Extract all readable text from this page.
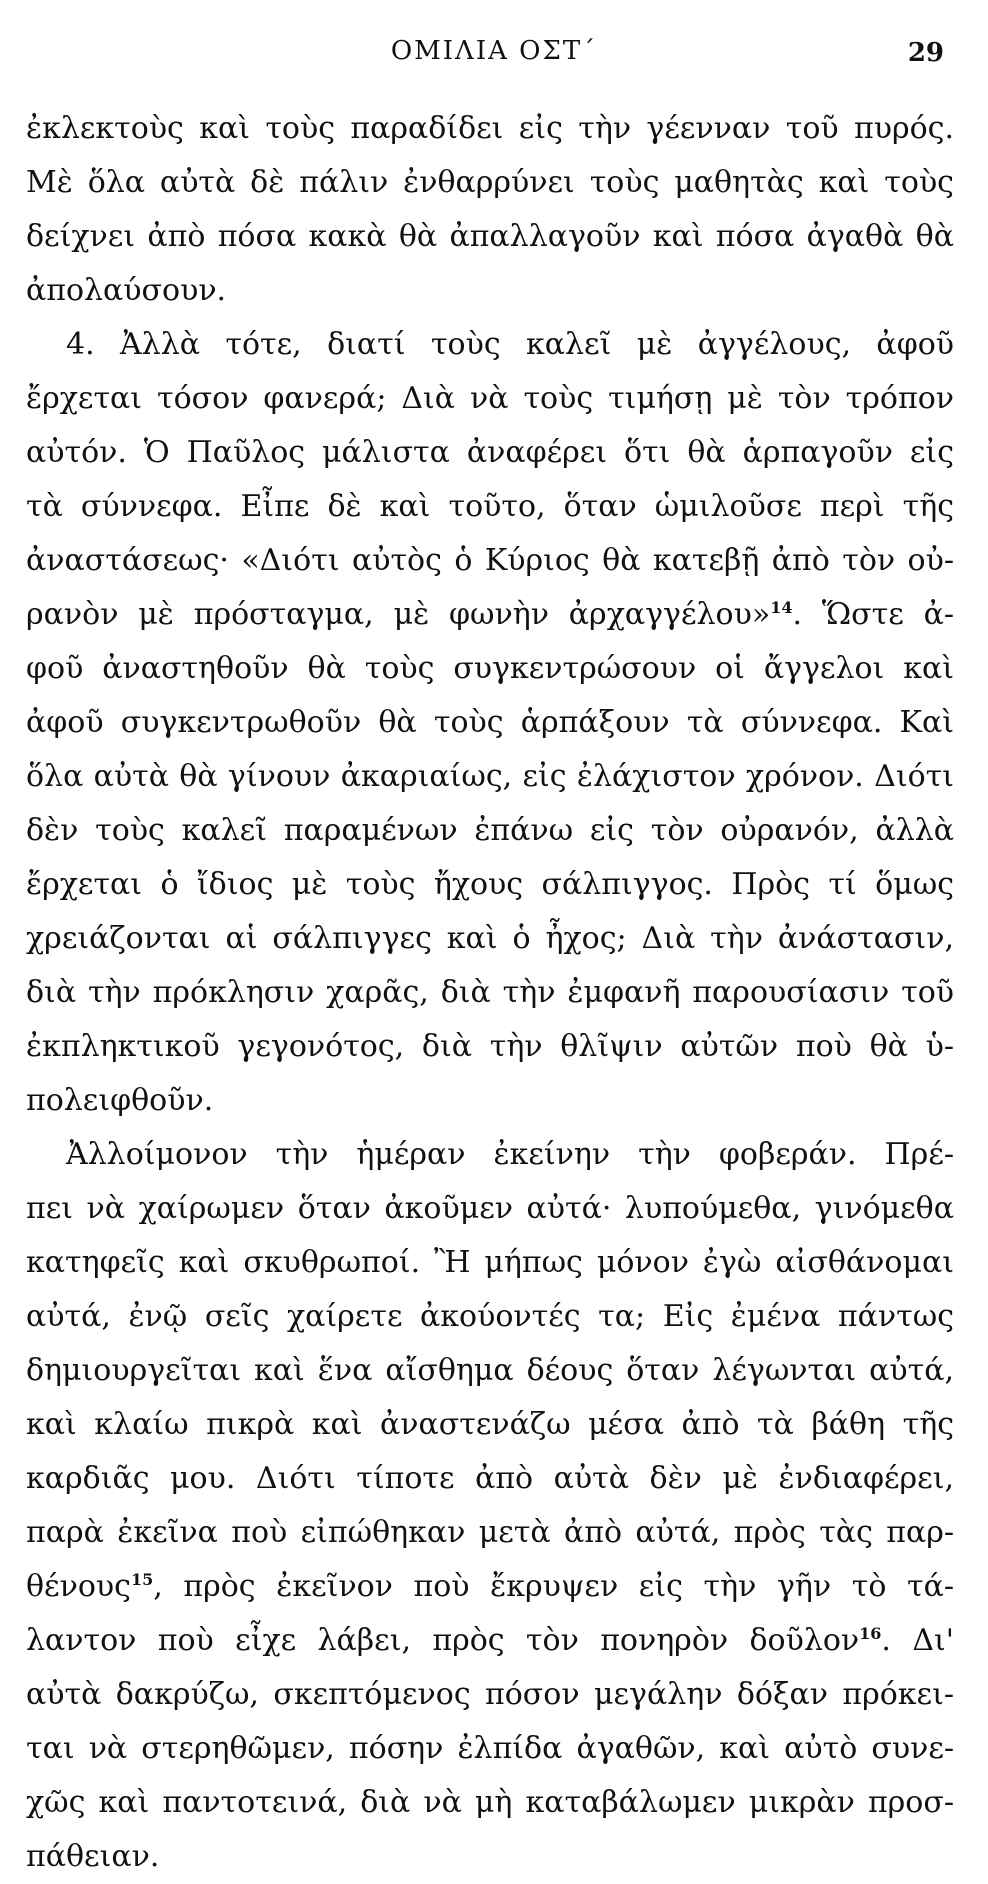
ΟΜΙΛΙΑ ΟΣΤ΄	29
ἐκλεκτοὺς καὶ τοὺς παραδίδει εἰς τὴν γέενναν τοῦ πυρός.
Μὲ ὅλα αὐτὰ δὲ πάλιν ἐνθαρρύνει τοὺς μαθητὰς καὶ τοὺς
δείχνει ἀπὸ πόσα κακὰ θὰ ἀπαλλαγοῦν καὶ πόσα ἀγαθὰ θὰ
ἀπολαύσουν.
4. Ἀλλὰ τότε, διατί τοὺς καλεῖ μὲ ἀγγέλους, ἀφοῦ
ἔρχεται τόσον φανερά; Διὰ νὰ τοὺς τιμήσῃ μὲ τὸν τρόπον
αὐτόν. Ὁ Παῦλος μάλιστα ἀναφέρει ὅτι θὰ ἁρπαγοῦν εἰς
τὰ σύννεφα. Εἶπε δὲ καὶ τοῦτο, ὅταν ὡμιλοῦσε περὶ τῆς
ἀναστάσεως· «Διότι αὐτὸς ὁ Κύριος θὰ κατεβῇ ἀπὸ τὸν οὐ-
ρανὸν μὲ πρόσταγμα, μὲ φωνὴν ἀρχαγγέλου»$^{14}$. Ὥστε ἀ-
φοῦ ἀναστηθοῦν θὰ τοὺς συγκεντρώσουν οἱ ἄγγελοι καὶ
ἀφοῦ συγκεντρωθοῦν θὰ τοὺς ἁρπάξουν τὰ σύννεφα. Καὶ
ὅλα αὐτὰ θὰ γίνουν ἀκαριαίως, εἰς ἐλάχιστον χρόνον. Διότι
δὲν τοὺς καλεῖ παραμένων ἐπάνω εἰς τὸν οὐρανόν, ἀλλὰ
ἔρχεται ὁ ἴδιος μὲ τοὺς ἤχους σάλπιγγος. Πρὸς τί ὅμως
χρειάζονται αἱ σάλπιγγες καὶ ὁ ἦχος; Διὰ τὴν ἀνάστασιν,
διὰ τὴν πρόκλησιν χαρᾶς, διὰ τὴν ἐμφανῆ παρουσίασιν τοῦ
ἐκπληκτικοῦ γεγονότος, διὰ τὴν θλῖψιν αὐτῶν ποὺ θὰ ὑ-
πολειφθοῦν.
Ἀλλοίμονον τὴν ἡμέραν ἐκείνην τὴν φοβεράν. Πρέ-
πει νὰ χαίρωμεν ὅταν ἀκοῦμεν αὐτά· λυπούμεθα, γινόμεθα
κατηφεῖς καὶ σκυθρωποί. Ἢ μήπως μόνον ἐγὼ αἰσθάνομαι
αὐτά, ἐνῷ σεῖς χαίρετε ἀκούοντές τα; Εἰς ἐμένα πάντως
δημιουργεῖται καὶ ἕνα αἴσθημα δέους ὅταν λέγωνται αὐτά,
καὶ κλαίω πικρὰ καὶ ἀναστενάζω μέσα ἀπὸ τὰ βάθη τῆς
καρδιᾶς μου. Διότι τίποτε ἀπὸ αὐτὰ δὲν μὲ ἐνδιαφέρει,
παρὰ ἐκεῖνα ποὺ εἰπώθηκαν μετὰ ἀπὸ αὐτά, πρὸς τὰς παρ-
θένους$^{15}$, πρὸς ἐκεῖνον ποὺ ἔκρυψεν εἰς τὴν γῆν τὸ τά-
λαντον ποὺ εἶχε λάβει, πρὸς τὸν πονηρὸν δοῦλον$^{16}$. Δι'
αὐτὰ δακρύζω, σκεπτόμενος πόσον μεγάλην δόξαν πρόκει-
ται νὰ στερηθῶμεν, πόσην ἐλπίδα ἀγαθῶν, καὶ αὐτὸ συνε-
χῶς καὶ παντοτεινά, διὰ νὰ μὴ καταβάλωμεν μικρὰν προσ-
πάθειαν.
